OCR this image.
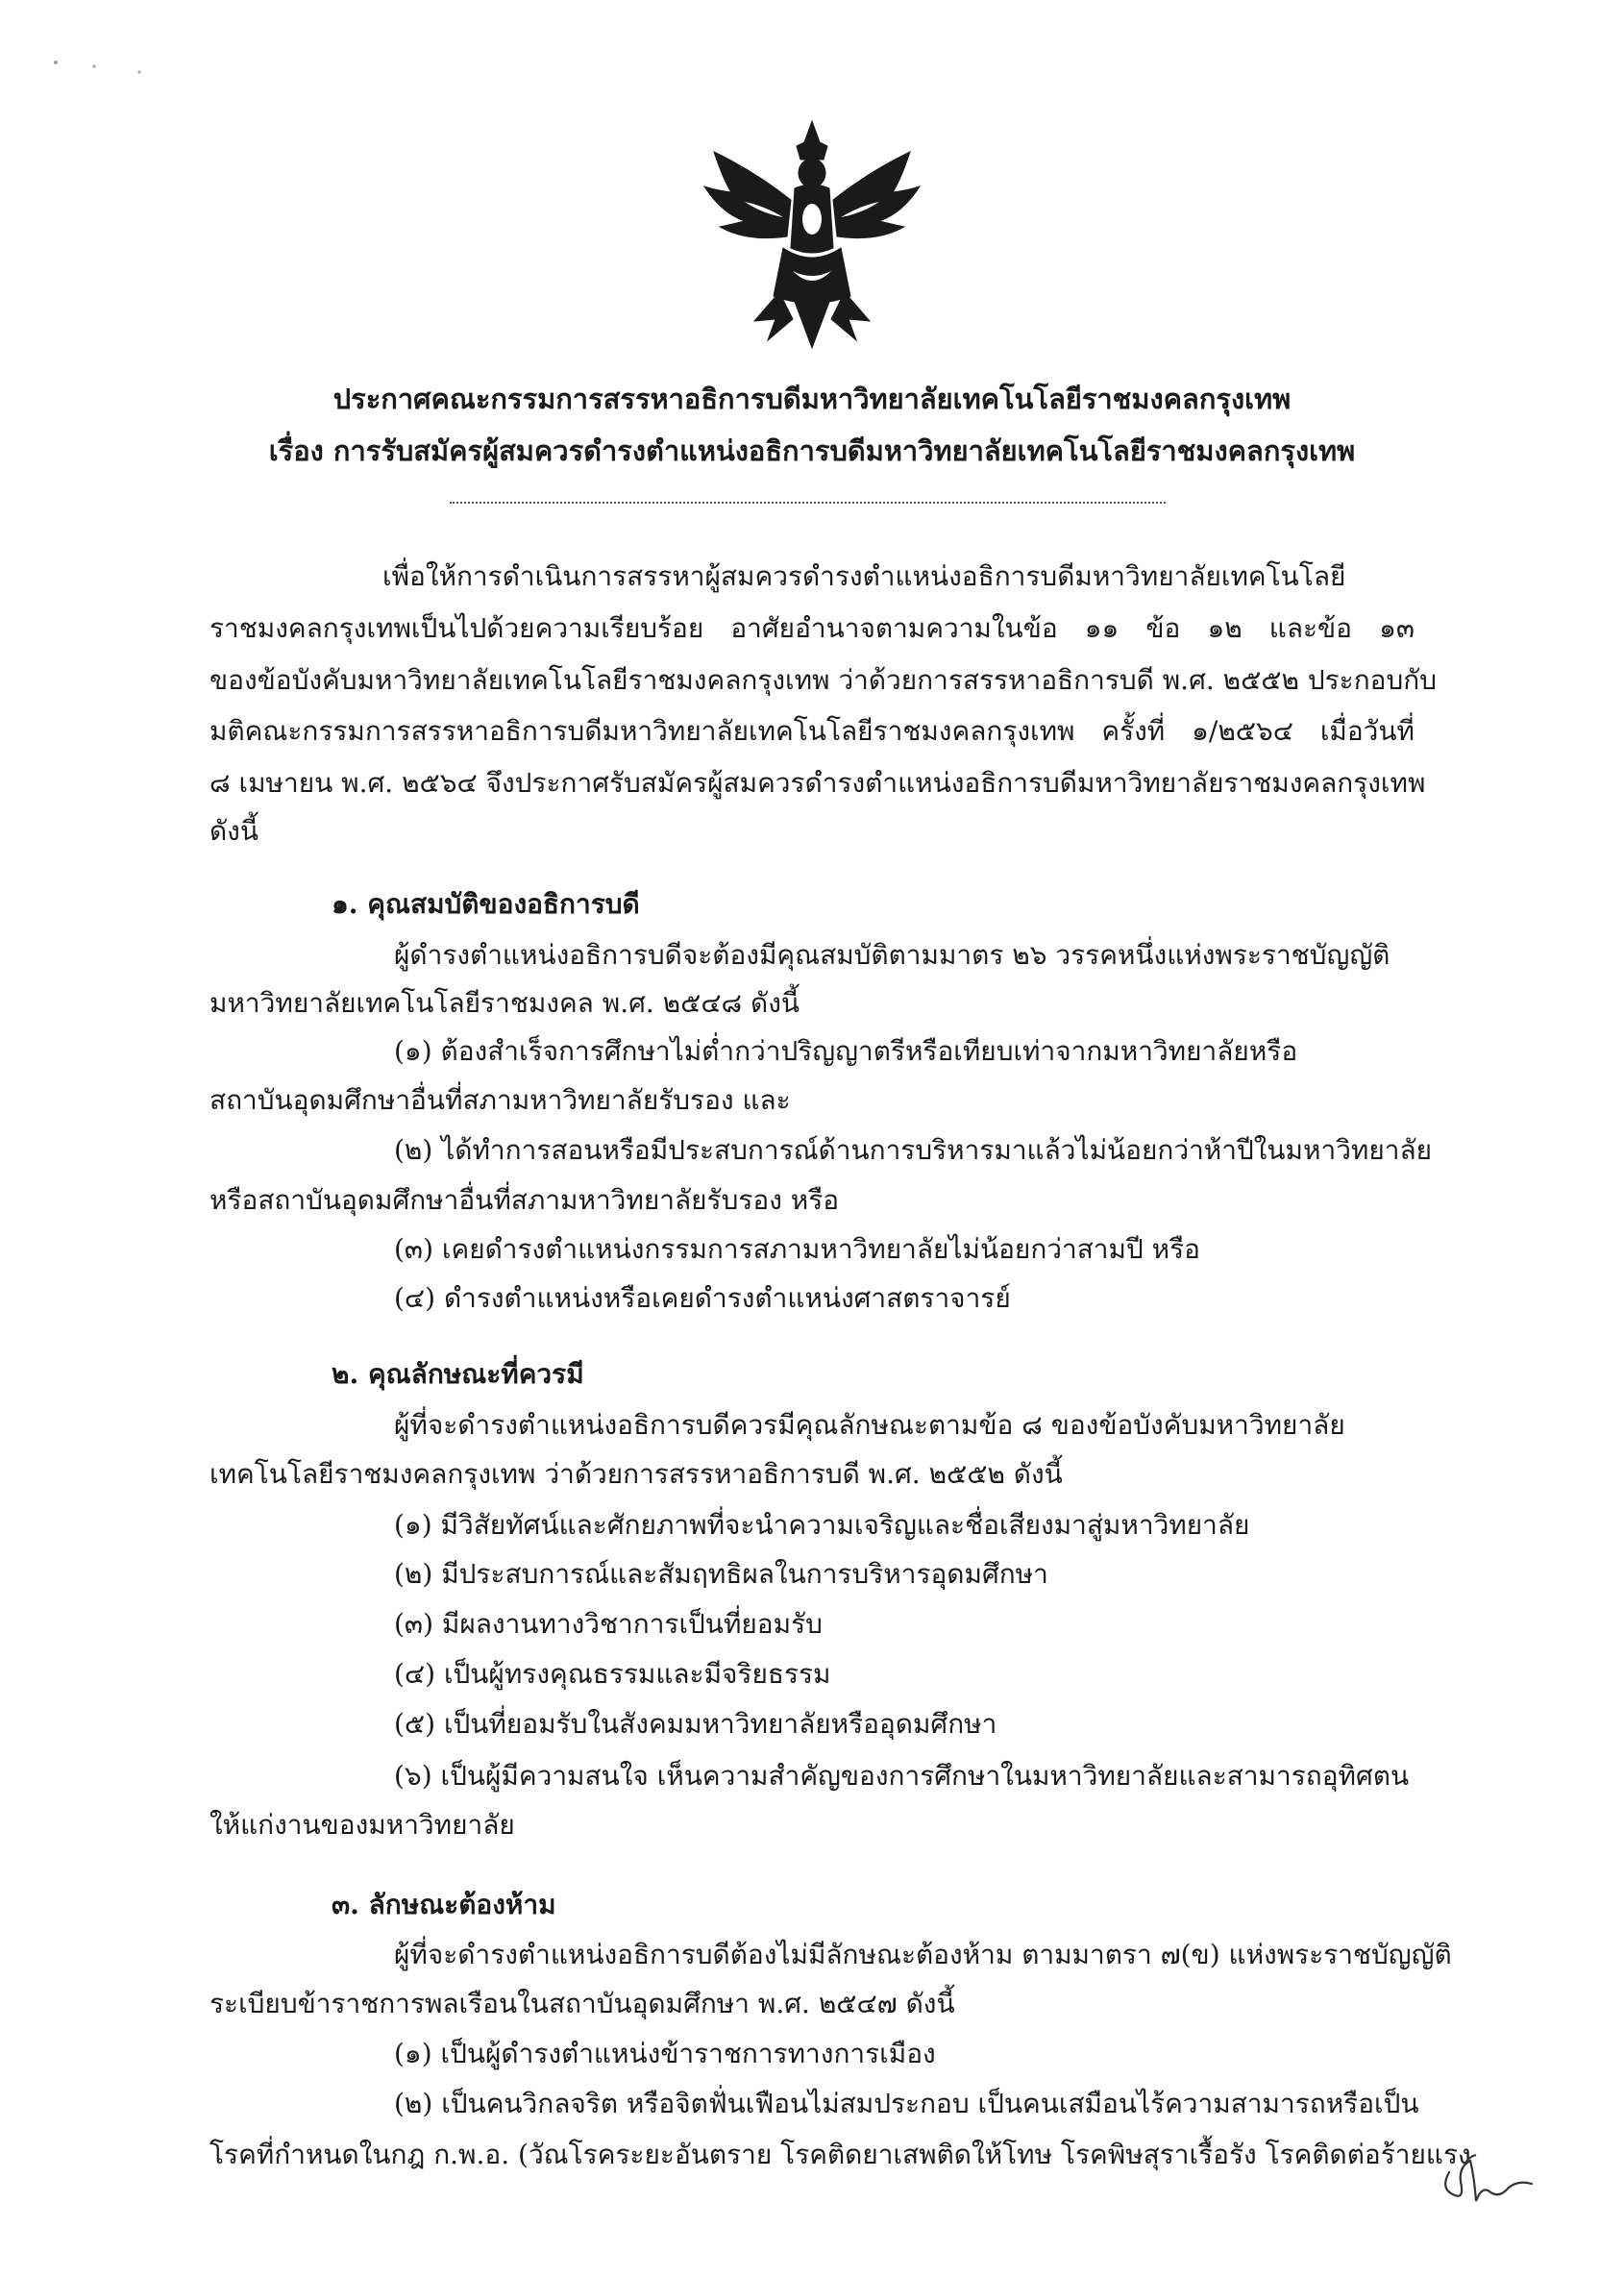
ประกาศคณะกรรมการสรรหาอธิการบดีมหาวิทยาลัยเทคโนโลยีราชมงคลกรุงเทพ
เรื่อง การรับสมัครผู้สมควรดำรงตำแหน่งอธิการบดีมหาวิทยาลัยเทคโนโลยีราชมงคลกรุงเทพ
เพื่อให้การดำเนินการสรรหาผู้สมควรดำรงตำแหน่งอธิการบดีมหาวิทยาลัยเทคโนโลยี
ราชมงคลกรุงเทพเป็นไปด้วยความเรียบร้อย อาศัยอำนาจตามความในข้อ ๑๑ ข้อ ๑๒ และข้อ ๑๓
ของข้อบังคับมหาวิทยาลัยเทคโนโลยีราชมงคลกรุงเทพ ว่าด้วยการสรรหาอธิการบดี พ.ศ. ๒๕๕๒ ประกอบกับ
มติคณะกรรมการสรรหาอธิการบดีมหาวิทยาลัยเทคโนโลยีราชมงคลกรุงเทพ ครั้งที่ ๑/๒๕๖๔ เมื่อวันที่
๘ เมษายน พ.ศ. ๒๕๖๔ จึงประกาศรับสมัครผู้สมควรดำรงตำแหน่งอธิการบดีมหาวิทยาลัยราชมงคลกรุงเทพ
ดังนี้
๑. คุณสมบัติของอธิการบดี
ผู้ดำรงตำแหน่งอธิการบดีจะต้องมีคุณสมบัติตามมาตร ๒๖ วรรคหนึ่งแห่งพระราชบัญญัติ
มหาวิทยาลัยเทคโนโลยีราชมงคล พ.ศ. ๒๕๔๘ ดังนี้
(๑) ต้องสำเร็จการศึกษาไม่ต่ำกว่าปริญญาตรีหรือเทียบเท่าจากมหาวิทยาลัยหรือ
สถาบันอุดมศึกษาอื่นที่สภามหาวิทยาลัยรับรอง และ
(๒) ได้ทำการสอนหรือมีประสบการณ์ด้านการบริหารมาแล้วไม่น้อยกว่าห้าปีในมหาวิทยาลัย
หรือสถาบันอุดมศึกษาอื่นที่สภามหาวิทยาลัยรับรอง หรือ
(๓) เคยดำรงตำแหน่งกรรมการสภามหาวิทยาลัยไม่น้อยกว่าสามปี หรือ
(๔) ดำรงตำแหน่งหรือเคยดำรงตำแหน่งศาสตราจารย์
๒. คุณลักษณะที่ควรมี
ผู้ที่จะดำรงตำแหน่งอธิการบดีควรมีคุณลักษณะตามข้อ ๘ ของข้อบังคับมหาวิทยาลัย
เทคโนโลยีราชมงคลกรุงเทพ ว่าด้วยการสรรหาอธิการบดี พ.ศ. ๒๕๕๒ ดังนี้
(๑) มีวิสัยทัศน์และศักยภาพที่จะนำความเจริญและชื่อเสียงมาสู่มหาวิทยาลัย
(๒) มีประสบการณ์และสัมฤทธิผลในการบริหารอุดมศึกษา
(๓) มีผลงานทางวิชาการเป็นที่ยอมรับ
(๔) เป็นผู้ทรงคุณธรรมและมีจริยธรรม
(๕) เป็นที่ยอมรับในสังคมมหาวิทยาลัยหรืออุดมศึกษา
(๖) เป็นผู้มีความสนใจ เห็นความสำคัญของการศึกษาในมหาวิทยาลัยและสามารถอุทิศตน
ให้แก่งานของมหาวิทยาลัย
๓. ลักษณะต้องห้าม
ผู้ที่จะดำรงตำแหน่งอธิการบดีต้องไม่มีลักษณะต้องห้าม ตามมาตรา ๗(ข) แห่งพระราชบัญญัติ
ระเบียบข้าราชการพลเรือนในสถาบันอุดมศึกษา พ.ศ. ๒๕๔๗ ดังนี้
(๑) เป็นผู้ดำรงตำแหน่งข้าราชการทางการเมือง
(๒) เป็นคนวิกลจริต หรือจิตฟั่นเฟือนไม่สมประกอบ เป็นคนเสมือนไร้ความสามารถหรือเป็น
โรคที่กำหนดในกฎ ก.พ.อ. (วัณโรคระยะอันตราย โรคติดยาเสพติดให้โทษ โรคพิษสุราเรื้อรัง โรคติดต่อร้ายแรง
